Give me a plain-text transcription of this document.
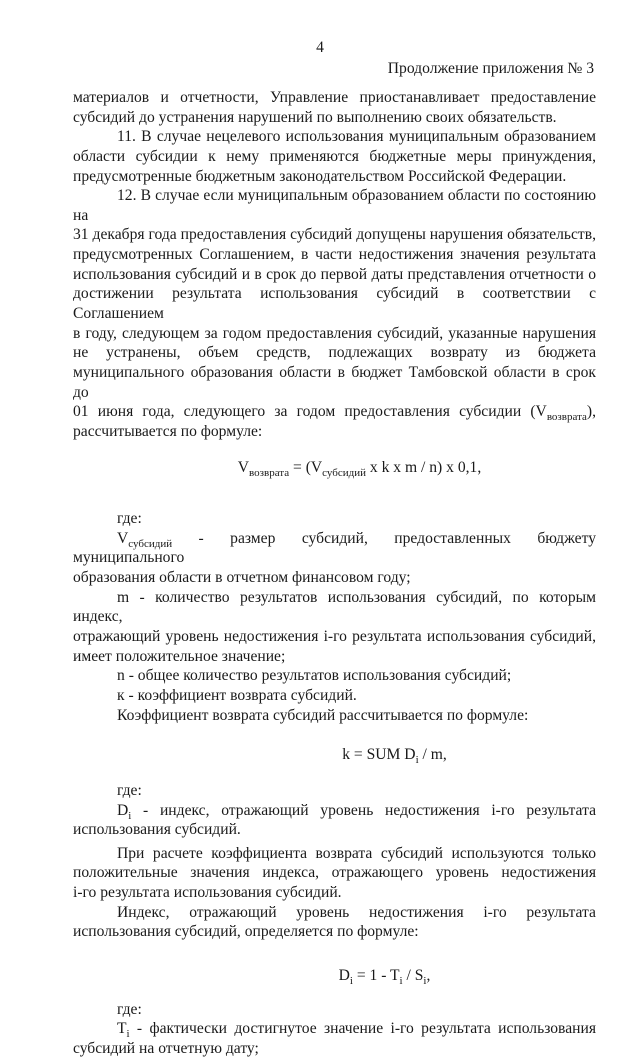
4
Продолжение приложения № 3

материалов и отчетности, Управление приостанавливает предоставление

субсидий до устранения нарушений по выполнению своих обязательств.

11. В случае нецелевого использования муниципальным образованием

области субсидии к нему применяются бюджетные меры принуждения,

предусмотренные бюджетным законодательством Российской Федерации.

12. В случае если муниципальным образованием области по состоянию на

31 декабря года предоставления субсидий допущены нарушения обязательств,

предусмотренных Соглашением, в части недостижения значения результата

использования субсидий и в срок до первой даты представления отчетности о

достижении результата использования субсидий в соответствии с Соглашением

в году, следующем за годом предоставления субсидий, указанные нарушения

не устранены, объем средств, подлежащих возврату из бюджета

муниципального образования области в бюджет Тамбовской области в срок до

01 июня года, следующего за годом предоставления субсидии $(V_{возврата})$,

рассчитывается по формуле:

$V_{возврата} = (V_{субсидий}$ x k x m / n) x 0,1,

где:

$V_{субсидий}$ - размер субсидий, предоставленных бюджету муниципального

образования области в отчетном финансовом году;

m - количество результатов использования субсидий, по которым индекс,

отражающий уровень недостижения i-го результата использования субсидий,

имеет положительное значение;

n - общее количество результатов использования субсидий;

к - коэффициент возврата субсидий.

Коэффициент возврата субсидий рассчитывается по формуле:

k = SUM $D_i$ / m,

где:

$D_i$ - индекс, отражающий уровень недостижения i-го результата

использования субсидий.

При расчете коэффициента возврата субсидий используются только

положительные значения индекса, отражающего уровень недостижения

i-го результата использования субсидий.

Индекс, отражающий уровень недостижения i-го результата

использования субсидий, определяется по формуле:

$D_i = 1 - T_i / S_i$,

где:

$T_i$ - фактически достигнутое значение i-го результата использования

субсидий на отчетную дату;
